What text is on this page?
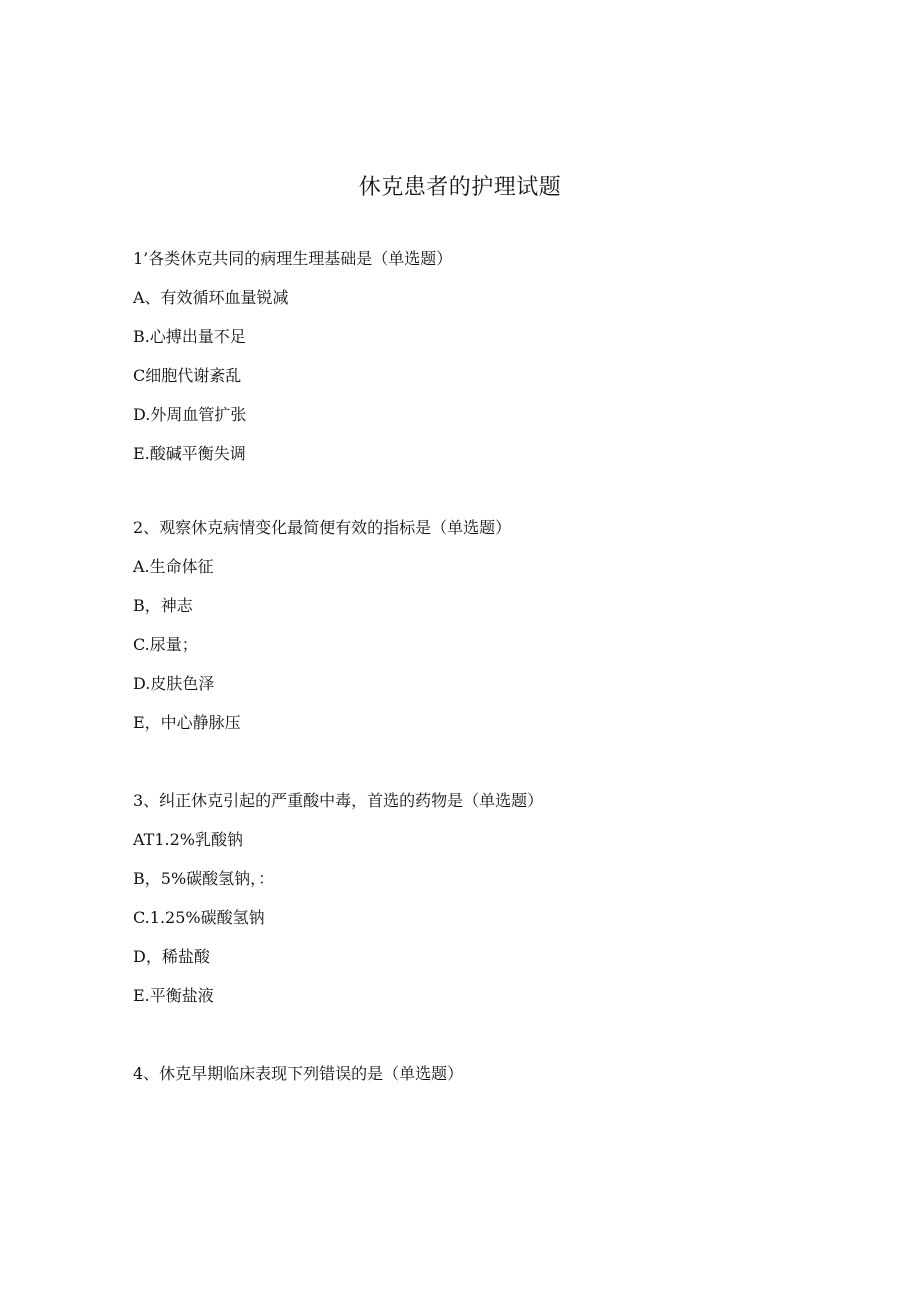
休克患者的护理试题

1’各类休克共同的病理生理基础是（单选题）

A、有效循环血量锐减
B.心搏出量不足
C细胞代谢紊乱
D.外周血管扩张
E.酸碱平衡失调

2、观察休克病情变化最简便有效的指标是（单选题）

A.生命体征
B，神志
C.尿量；
D.皮肤色泽
E，中心静脉压

3、纠正休克引起的严重酸中毒，首选的药物是（单选题）

AT1.2%乳酸钠
B，5%碳酸氢钠，：
C.1.25%碳酸氢钠
D，稀盐酸
E.平衡盐液

4、休克早期临床表现下列错误的是（单选题）
